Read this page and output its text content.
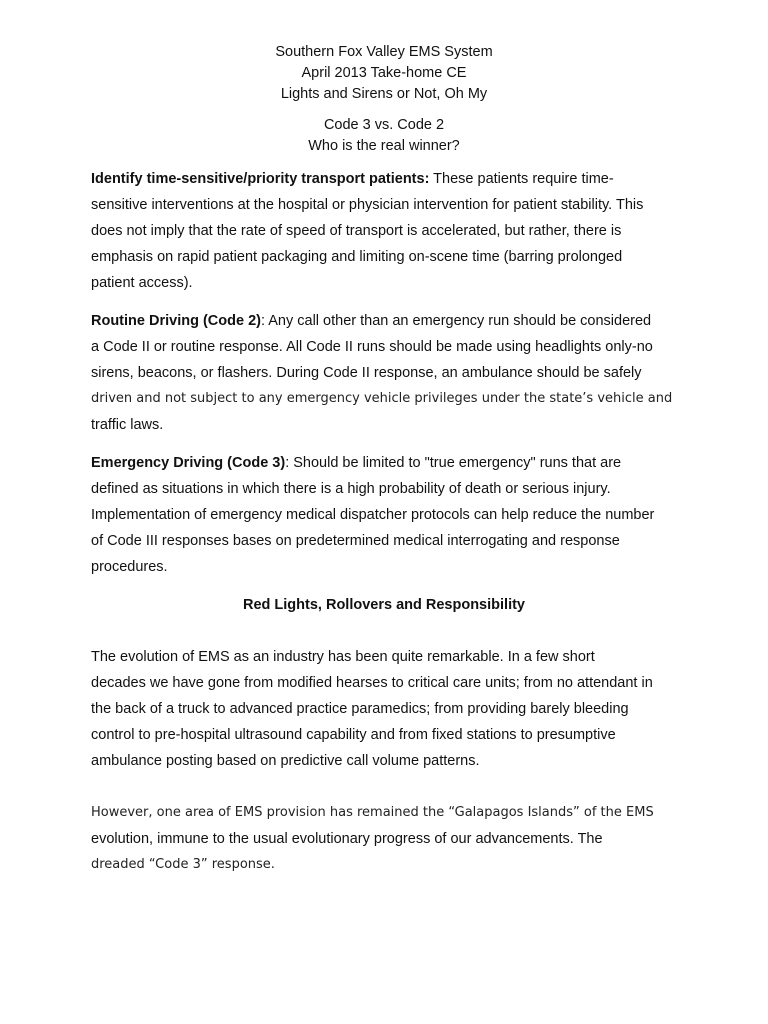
Southern Fox Valley EMS System
April 2013 Take-home CE
Lights and Sirens or Not, Oh My
Code 3 vs. Code 2
Who is the real winner?

Identify time-sensitive/priority transport patients: These patients require time-
sensitive interventions at the hospital or physician intervention for patient stability. This
does not imply that the rate of speed of transport is accelerated, but rather, there is
emphasis on rapid patient packaging and limiting on-scene time (barring prolonged
patient access).

Routine Driving (Code 2): Any call other than an emergency run should be considered
a Code II or routine response. All Code II runs should be made using headlights only-no
sirens, beacons, or flashers. During Code II response, an ambulance should be safely
driven and not subject to any emergency vehicle privileges under the state’s vehicle and
traffic laws.

Emergency Driving (Code 3): Should be limited to "true emergency" runs that are
defined as situations in which there is a high probability of death or serious injury.
Implementation of emergency medical dispatcher protocols can help reduce the number
of Code III responses bases on predetermined medical interrogating and response
procedures.

Red Lights, Rollovers and Responsibility

The evolution of EMS as an industry has been quite remarkable. In a few short
decades we have gone from modified hearses to critical care units; from no attendant in
the back of a truck to advanced practice paramedics; from providing barely bleeding
control to pre-hospital ultrasound capability and from fixed stations to presumptive
ambulance posting based on predictive call volume patterns.

However, one area of EMS provision has remained the “Galapagos Islands” of the EMS
evolution, immune to the usual evolutionary progress of our advancements. The
dreaded “Code 3” response.
